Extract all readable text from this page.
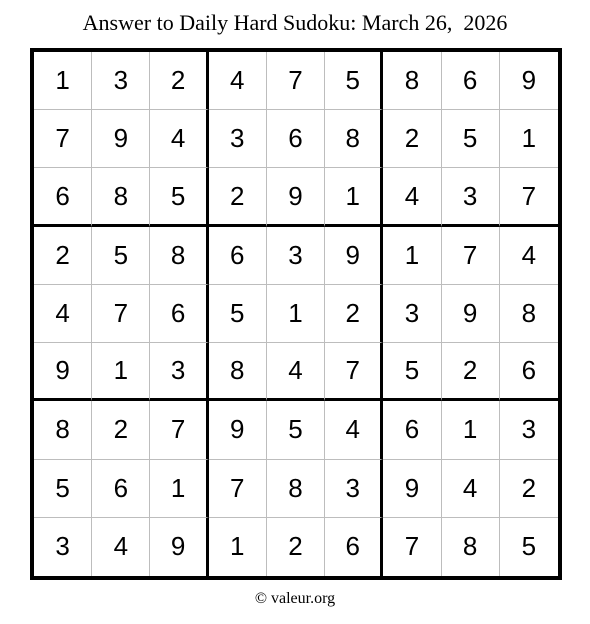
Answer to Daily Hard Sudoku: March 26,  2026
1	3	2	4	7	5	8	6	9
7	9	4	3	6	8	2	5	1
6	8	5	2	9	1	4	3	7
2	5	8	6	3	9	1	7	4
4	7	6	5	1	2	3	9	8
9	1	3	8	4	7	5	2	6
8	2	7	9	5	4	6	1	3
5	6	1	7	8	3	9	4	2
3	4	9	1	2	6	7	8	5
© valeur.org
